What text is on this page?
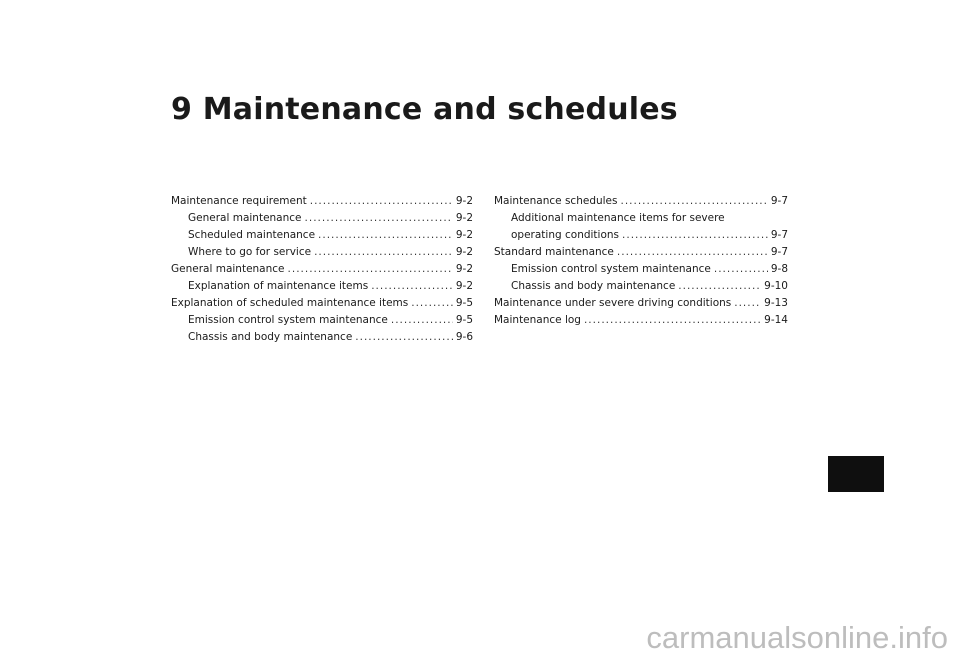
9 Maintenance and schedules
Maintenance requirement .....	9-2
General maintenance .....	9-2
Scheduled maintenance .....	9-2
Where to go for service .....	9-2
General maintenance .....	9-2
Explanation of maintenance items .....	9-2
Explanation of scheduled maintenance items .....	9-5
Emission control system maintenance .....	9-5
Chassis and body maintenance .....	9-6
Maintenance schedules .....	9-7
Additional maintenance items for severe
operating conditions .....	9-7
Standard maintenance .....	9-7
Emission control system maintenance .....	9-8
Chassis and body maintenance .....	9-10
Maintenance under severe driving conditions .....	9-13
Maintenance log .....	9-14
carmanualsonline.info
